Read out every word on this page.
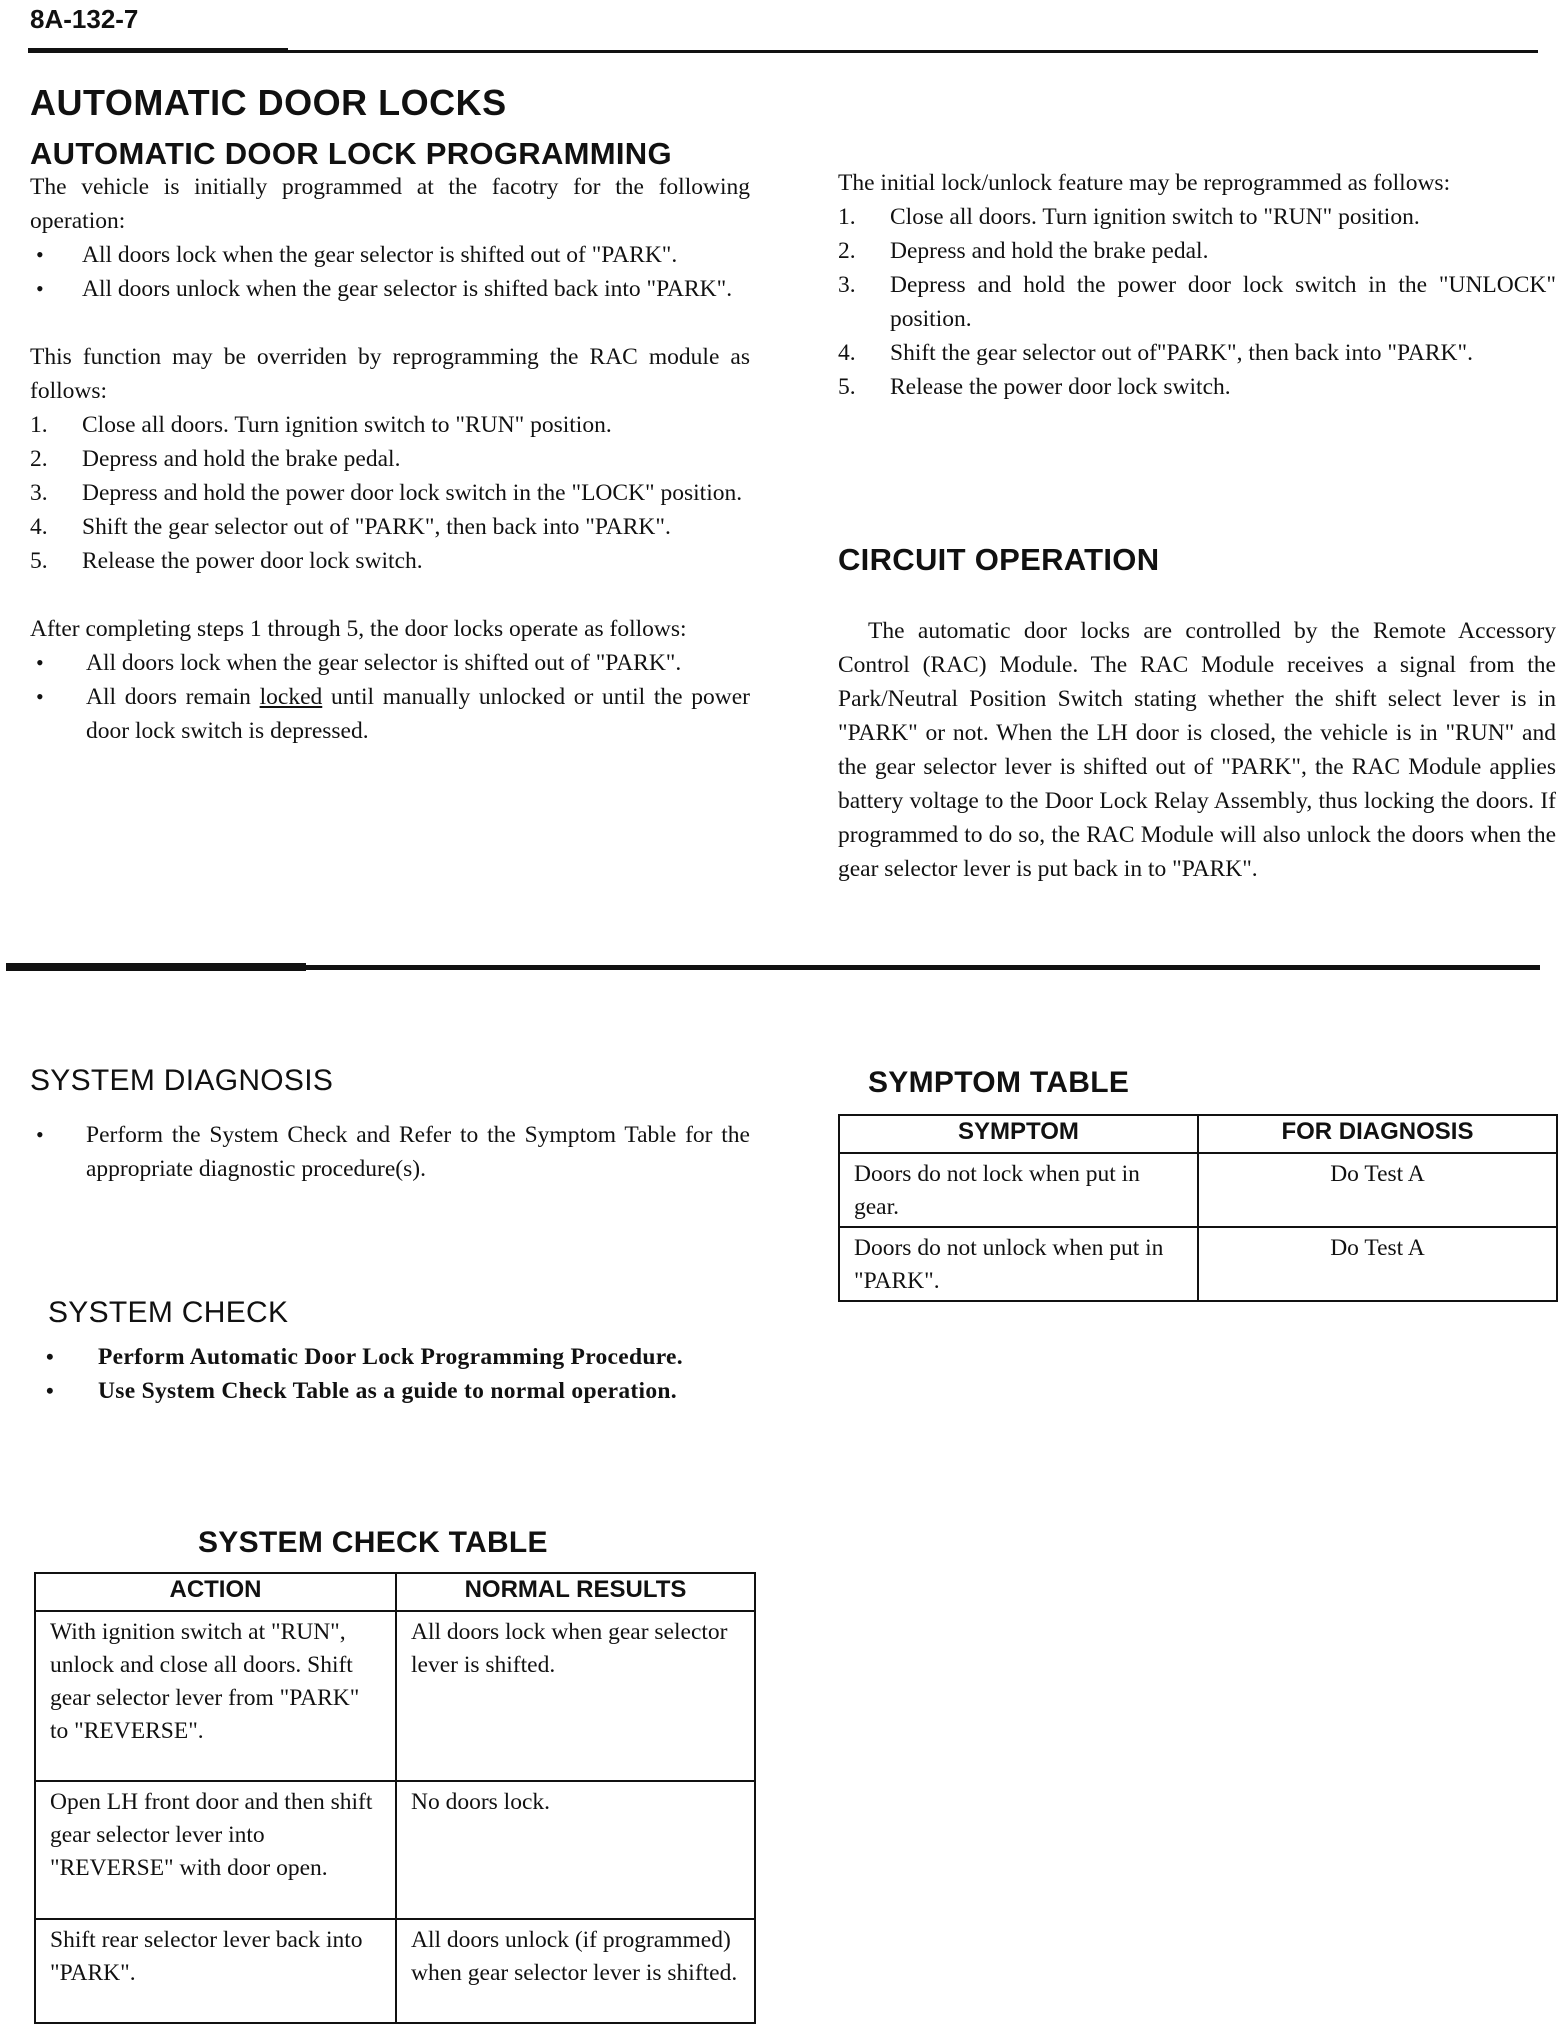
8A-132-7
AUTOMATIC DOOR LOCKS
AUTOMATIC DOOR LOCK PROGRAMMING

The vehicle is initially programmed at the facotry for the following operation:

• All doors lock when the gear selector is shifted out of "PARK".
• All doors unlock when the gear selector is shifted back into "PARK".

This function may be overriden by reprogramming the RAC module as follows:

1. Close all doors. Turn ignition switch to "RUN" position.
2. Depress and hold the brake pedal.
3. Depress and hold the power door lock switch in the "LOCK" position.
4. Shift the gear selector out of "PARK", then back into "PARK".
5. Release the power door lock switch.

After completing steps 1 through 5, the door locks operate as follows:

• All doors lock when the gear selector is shifted out of "PARK".
• All doors remain locked until manually unlocked or until the power door lock switch is depressed.

The initial lock/unlock feature may be reprogrammed as follows:

1. Close all doors. Turn ignition switch to "RUN" position.
2. Depress and hold the brake pedal.
3. Depress and hold the power door lock switch in the "UNLOCK" position.
4. Shift the gear selector out of"PARK", then back into "PARK".
5. Release the power door lock switch.
CIRCUIT OPERATION
The automatic door locks are controlled by the Remote Accessory Control (RAC) Module. The RAC Module receives a signal from the Park/Neutral Position Switch stating whether the shift select lever is in "PARK" or not. When the LH door is closed, the vehicle is in "RUN" and the gear selector lever is shifted out of "PARK", the RAC Module applies battery voltage to the Door Lock Relay Assembly, thus locking the doors. If programmed to do so, the RAC Module will also unlock the doors when the gear selector lever is put back in to "PARK".
SYSTEM DIAGNOSIS
• Perform the System Check and Refer to the Symptom Table for the appropriate diagnostic procedure(s).
SYSTEM CHECK
• Perform Automatic Door Lock Programming Procedure.
• Use System Check Table as a guide to normal operation.
SYSTEM CHECK TABLE
ACTION	NORMAL RESULTS
With ignition switch at "RUN", unlock and close all doors. Shift gear selector lever from "PARK" to "REVERSE".	All doors lock when gear selector lever is shifted.
Open LH front door and then shift gear selector lever into "REVERSE" with door open.	No doors lock.
Shift rear selector lever back into "PARK".	All doors unlock (if programmed) when gear selector lever is shifted.
SYMPTOM TABLE
SYMPTOM	FOR DIAGNOSIS
Doors do not lock when put in gear.	Do Test A
Doors do not unlock when put in "PARK".	Do Test A
